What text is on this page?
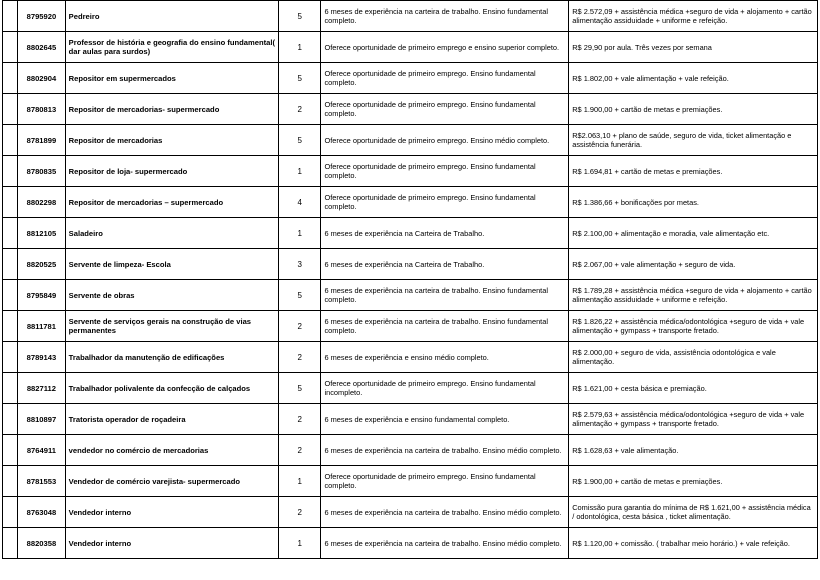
	8795920	Pedreiro	5	6 meses de experiência na carteira de trabalho. Ensino fundamental completo.	R$ 2.572,09 + assistência médica +seguro de vida + alojamento + cartão alimentação assiduidade + uniforme e refeição.
	8802645	Professor de história e geografia do ensino fundamental( dar aulas para surdos)	1	Oferece oportunidade de primeiro emprego e ensino superior completo.	R$ 29,90 por aula. Três vezes por semana
	8802904	Repositor em supermercados	5	Oferece oportunidade de primeiro emprego. Ensino fundamental completo.	R$ 1.802,00 + vale alimentação + vale refeição.
	8780813	Repositor de mercadorias- supermercado	2	Oferece oportunidade de primeiro emprego. Ensino fundamental completo.	R$ 1.900,00 + cartão de metas e premiações.
	8781899	Repositor de mercadorias	5	Oferece oportunidade de primeiro emprego. Ensino médio completo.	R$2.063,10 + plano de saúde, seguro de vida, ticket alimentação e assistência funerária.
	8780835	Repositor de loja- supermercado	1	Oferece oportunidade de primeiro emprego. Ensino fundamental completo.	R$ 1.694,81 + cartão de metas e premiações.
	8802298	Repositor de mercadorias – supermercado	4	Oferece oportunidade de primeiro emprego. Ensino fundamental completo.	R$ 1.386,66 + bonificações por metas.
	8812105	Saladeiro	1	6 meses de experiência na Carteira de Trabalho.	R$ 2.100,00 + alimentação e moradia, vale alimentação etc.
	8820525	Servente de limpeza- Escola	3	6 meses de experiência na Carteira de Trabalho.	R$ 2.067,00 + vale alimentação + seguro de vida.
	8795849	Servente de obras	5	6 meses de experiência na carteira de trabalho. Ensino fundamental completo.	R$ 1.789,28 + assistência médica +seguro de vida + alojamento + cartão alimentação assiduidade + uniforme e refeição.
	8811781	Servente de serviços gerais na construção de vias permanentes	2	6 meses de experiência na carteira de trabalho. Ensino fundamental completo.	R$ 1.826,22 + assistência médica/odontológica +seguro de vida + vale alimentação + gympass + transporte fretado.
	8789143	Trabalhador da manutenção de edificações	2	6 meses de experiência e ensino médio completo.	R$ 2.000,00 + seguro de vida, assistência odontológica e vale alimentação.
	8827112	Trabalhador polivalente da confecção de calçados	5	Oferece oportunidade de primeiro emprego. Ensino fundamental incompleto.	R$ 1.621,00 + cesta básica e premiação.
	8810897	Tratorista operador de roçadeira	2	6 meses de experiência e ensino fundamental completo.	R$ 2.579,63 + assistência médica/odontológica +seguro de vida + vale alimentação + gympass + transporte fretado.
	8764911	vendedor no comércio de mercadorias	2	6 meses de experiência na carteira de trabalho. Ensino médio completo.	R$ 1.628,63 + vale alimentação.
	8781553	Vendedor de comércio varejista- supermercado	1	Oferece oportunidade de primeiro emprego. Ensino fundamental completo.	R$ 1.900,00 + cartão de metas e premiações.
	8763048	Vendedor interno	2	6 meses de experiência na carteira de trabalho. Ensino médio completo.	Comissão pura garantia do mínima de R$ 1.621,00 + assistência médica / odontológica, cesta básica , ticket alimentação.
	8820358	Vendedor interno	1	6 meses de experiência na carteira de trabalho. Ensino médio completo.	R$ 1.120,00 + comissão. ( trabalhar meio horário.) + vale refeição.
